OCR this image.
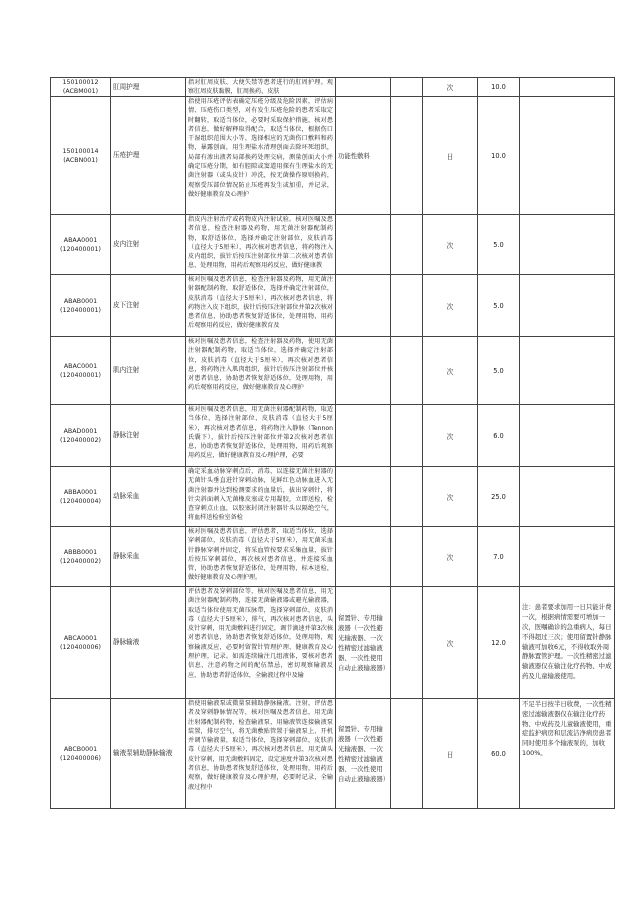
150100012
(ACBM001)	肛周护理	指对肛周皮肤、大便失禁等患者进行的肛周护理。观察肛周皮肤黏膜，肛周换药，皮肤			次	10.0	

150100014
(ACBN001)	压疮护理	指使用压疮评估表确定压疮分级及危险因素，评估病情、压疮伤口类型，对有发生压疮危险的患者采取定时翻转，取适当体位，必要时采取保护措施，核对患者信息，做好解释取得配合，取适当体位，根据伤口干湿组织范围大小等，选择相应的无菌伤口敷料和药物，暴露创面，用生理盐水清理创面去除坏死组织，局部有渗出液者局部换药处理交病，测量创面大小并确定压疮分期，如有腔隙或窦道用探有生理盐水的无菌注射器（或头皮针）冲洗，按无菌操作原则换药，观察受压部位情况防止压疮再发生或加重，并记录，做好健康教育及心理护	功能性敷料		日	10.0	

ABAA0001
(120400001)	皮内注射	指皮内注射治疗或药物皮内注射试验。核对医嘱及患者信息，检查注射器及药物，用无菌注射器配制药物，取舒适体位，选择并确定注射部位，皮肤消毒（直径大于5厘米），再次核对患者信息，将药物注入皮内组织，拔针后按压注射部位并第二次核对患者信息，处理用物，用药后观察用药反应，做好健康教			次	5.0	

ABAB0001
(120400001)	皮下注射	核对医嘱及患者信息，检查注射器及药物，用无菌注射器配制药物，取舒适体位，选择并确定注射部位，皮肤消毒（直径大于5厘米），再次核对患者信息，将药物注入皮下组织，拔针后按压注射部位并第2次核对患者信息，协助患者恢复舒适体位，处理用物，用药后观察用药反应，做好健康教育及			次	5.0	

ABAC0001
(120400001)	肌内注射	核对医嘱及患者信息，检查注射器及药物，使用无菌注射器配制药物，取适当体位，选择并确定注射部位，皮肤消毒（直径大于5厘米），再次核对患者信息，将药物注入肌肉组织，拔针后按压注射部位并核对患者信息，协助患者恢复舒适体位，处理用物，用药后观察用药反应，做好健康教育及心理护			次	5.0	

ABAD0001
(120400002)	静脉注射	核对医嘱及患者信息，用无菌注射器配制药物，取适当体位，选择注射部位，皮肤消毒（直径大于5厘米），再次核对患者信息，将药物注入静脉（Tennon氏囊下），拔针后按压注射部位并第2次核对患者信息，协助患者恢复舒适体位，处理用物，用药后观察用药反应，做好健康教育及心理护理，必要			次	6.0	

ABBA0001
(120400004)	动脉采血	确定采血动脉穿刺点后，消毒，以连接无菌注射器的无菌针头垂直进针穿刺动脉，见鲜红色动脉血进入无菌注射器并达到检测要求的血量后，拔出穿刺针，将针尖斜面刺入无菌橡皮塞或专用凝胶，立即送检，检查穿刺点止血，以胶塞封闭注射器针头以隔绝空气，将血样送检验室备检			次	25.0	

ABBB0001
(120400002)	静脉采血	核对医嘱及患者信息，评估患者，取适当体位，选择穿刺部位，皮肤消毒（直径大于5厘米），用无菌采血针静脉穿刺并固定，将采血管按要求采集血量，拔针后按压穿刺部位，再次核对患者信息，并连接采血管，协助患者恢复舒适体位，处理用物，标本送检，做好健康教育及心理护理。			次	7.0	

ABCA0001
(120400006)	静脉输液	评估患者及穿刺部位等，核对医嘱及患者信息，用无菌注射器配制药物，连接无菌输液器或避光输液器，取适当体位使用无菌压脉带，选择穿刺部位，皮肤消毒（直径大于5厘米），排气，再次核对患者信息，头皮针穿刺，用无菌敷料进行固定，调节滴速并第3次核对患者信息，协助患者恢复舒适体位，处理用物，观察输液反应，必要时留置针管理护理、健康教育及心理护理，记录。如需连续输注几组液体，要核对患者信息，注意药物之间的配伍禁忌，密切观察输液反应，协助患者舒适体位，全输液过程中及输	留置针、专用输液器（一次性避光输液器、一次性精密过滤输液器、一次性使用自动止液输液器）		次	12.0	注：患者要求加用一日只能计费一次，根据病情需要可增加一次，医嘱确诊的急重病人，每日不得超过三次；使用留置针静脉输液可加收6元，不得收取外周静脉置管护理。一次性精密过滤输液器仅在输注化疗药物、中成药及儿童输液使用。

ABCB0001
(120400006)	输液泵辅助静脉输液	指使用输液泵或微量泵辅助静脉输液。注射，评估患者及穿刺静脉情况等，核对医嘱及患者信息，用无菌注射器配制药物，检查输液泵，用输液管连接输液泵装置，排尽空气，将无菌敷贴管置于输液泵上，开机并调节输液量，取适当体位，选择穿刺部位，皮肤消毒（直径大于5厘米），再次核对患者信息，用无菌头皮针穿刺，用无菌敷料固定，设定速度并第3次核对患者信息，协助患者恢复舒适体位，处理用物，用药后观察，做好健康教育及心理护理，必要时记录，全输液过程中	留置针、专用输液器（一次性避光输液器、一次性精密过滤输液器、一次性使用自动止液输液器）		日	60.0	不足半日按半日收费，一次性精密过滤输液器仅在输注化疗药物、中成药及儿童输液使用，重症监护病房和层流洁净病房患者同时使用多个输液泵的，加收100%。
